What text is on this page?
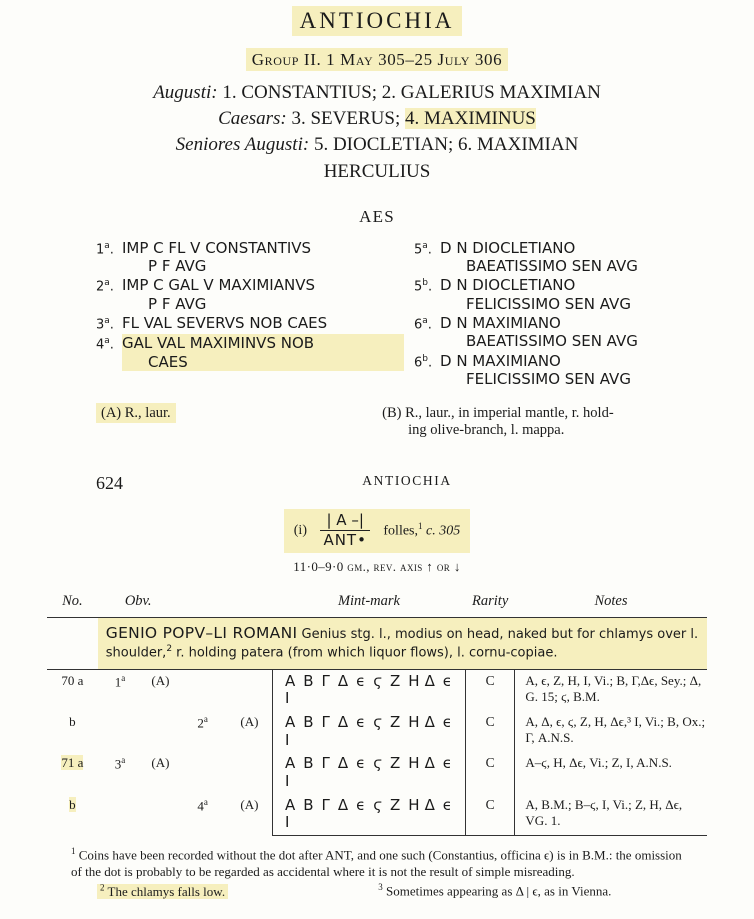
ANTIOCHIA
Group II. 1 May 305–25 July 306
Augusti: 1. CONSTANTIUS; 2. GALERIUS MAXIMIAN
Caesars: 3. SEVERUS; 4. MAXIMINUS
Seniores Augusti: 5. DIOCLETIAN; 6. MAXIMIAN
HERCULIUS
AES
1$^a$. IMP C FL V CONSTANTIVS
P F AVG
2$^a$. IMP C GAL V MAXIMIANVS
P F AVG
3$^a$. FL VAL SEVERVS NOB CAES
4$^a$. GAL VAL MAXIMINVS NOB
CAES
5$^a$. D N DIOCLETIANO
BAEATISSIMO SEN AVG
5$^b$. D N DIOCLETIANO
FELICISSIMO SEN AVG
6$^a$. D N MAXIMIANO
BAEATISSIMO SEN AVG
6$^b$. D N MAXIMIANO
FELICISSIMO SEN AVG
(A) R., laur.	(B) R., laur., in imperial mantle, r. hold-
ing olive-branch, l. mappa.
624	ANTIOCHIA
$(i) \frac{| A -|}{\text{ANT•}}$ folles,$^1$ c. 305
11·0–9·0 gm., rev. axis ↑ or ↓
No.	Obv.				Mint-mark	Rarity	Notes
	GENIO POPV–LI ROMANI Genius stg. l., modius on head, naked but for chlamys over l. shoulder,$^2$ r. holding patera (from which liquor flows), l. cornu-copiae.						
70 a	1$^a$	(A)			A B Γ Δ ϵ ϛ Z H Δ ϵ I	C	A, ϵ, Z, H, I, Vi.; B, Γ,Δϵ, Sey.; Δ, G. 15; ϛ, B.M.
b			2$^a$	(A)	A B Γ Δ ϵ ϛ Z H Δ ϵ I	C	A, Δ, ϵ, ϛ, Z, H, Δϵ,³ I, Vi.; B, Ox.; Γ, A.N.S.
71 a	3$^a$	(A)			A B Γ Δ ϵ ϛ Z H Δ ϵ I	C	A–ϛ, H, Δϵ, Vi.; Z, I, A.N.S.
b			4$^a$	(A)	A B Γ Δ ϵ ϛ Z H Δ ϵ I	C	A, B.M.; B–ϛ, I, Vi.; Z, H, Δϵ, VG. 1.

$^1$ Coins have been recorded without the dot after ANT, and one such (Constantius, officina ϵ) is in B.M.: the omission of the dot is probably to be regarded as accidental where it is not the result of simple misreading.

$^2$ The chlamys falls low.	$^3$ Sometimes appearing as Δ | ϵ, as in Vienna.
